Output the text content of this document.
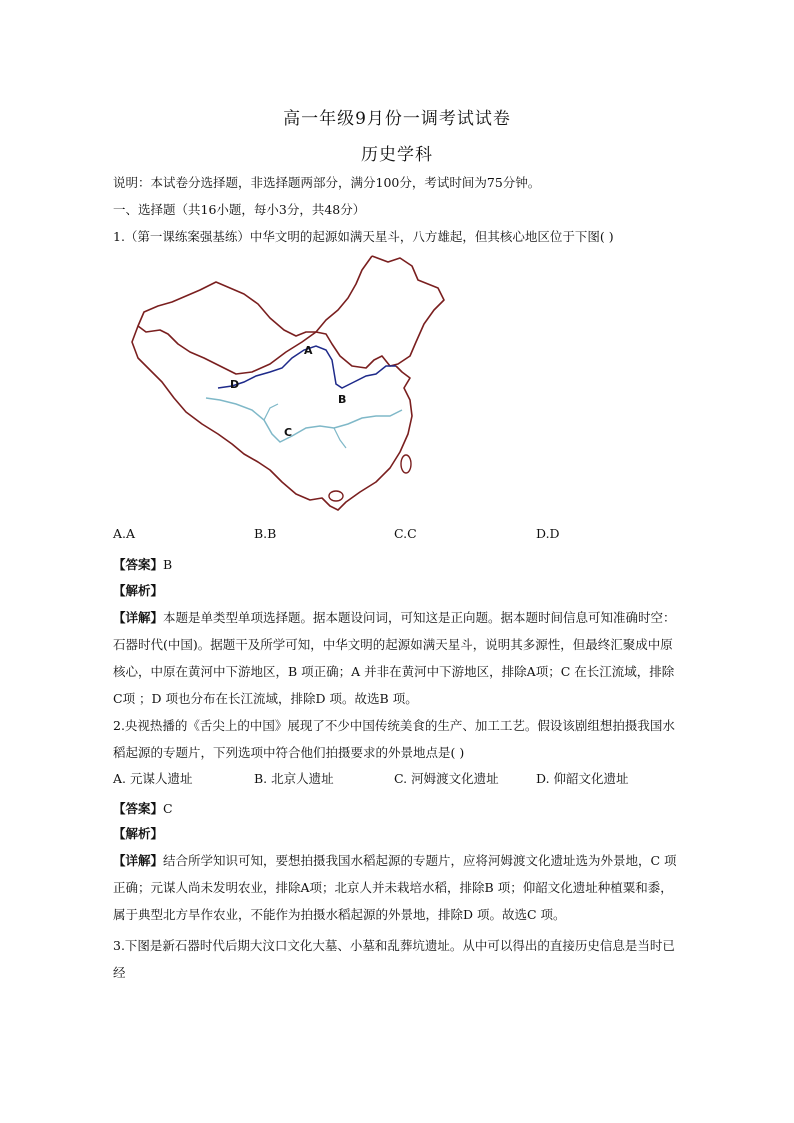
高一年级9月份一调考试试卷
历史学科
说明：本试卷分选择题，非选择题两部分，满分100分，考试时间为75分钟。
一、选择题（共16小题，每小3分，共48分）
1.（第一课练案强基练）中华文明的起源如满天星斗，八方雄起，但其核心地区位于下图( )
A
B
C
D
A.A	B.B	C.C	D.D
【答案】B
【解析】
【详解】本题是单类型单项选择题。据本题设问词，可知这是正向题。据本题时间信息可知准确时空：石器时代(中国)。据题干及所学可知，中华文明的起源如满天星斗，说明其多源性，但最终汇聚成中原核心，中原在黄河中下游地区，B 项正确；A 并非在黄河中下游地区，排除A项；C 在长江流域，排除C项 ；D 项也分布在长江流域，排除D 项。故选B 项。
2.央视热播的《舌尖上的中国》展现了不少中国传统美食的生产、加工工艺。假设该剧组想拍摄我国水稻起源的专题片，下列选项中符合他们拍摄要求的外景地点是( )
A. 元谋人遗址	B. 北京人遗址	C. 河姆渡文化遗址	D. 仰韶文化遗址
【答案】C
【解析】
【详解】结合所学知识可知，要想拍摄我国水稻起源的专题片，应将河姆渡文化遗址选为外景地，C 项正确；元谋人尚未发明农业，排除A项；北京人并未栽培水稻，排除B 项；仰韶文化遗址种植粟和黍，属于典型北方旱作农业，不能作为拍摄水稻起源的外景地，排除D 项。故选C 项。
3.下图是新石器时代后期大汶口文化大墓、小墓和乱葬坑遗址。从中可以得出的直接历史信息是当时已经
